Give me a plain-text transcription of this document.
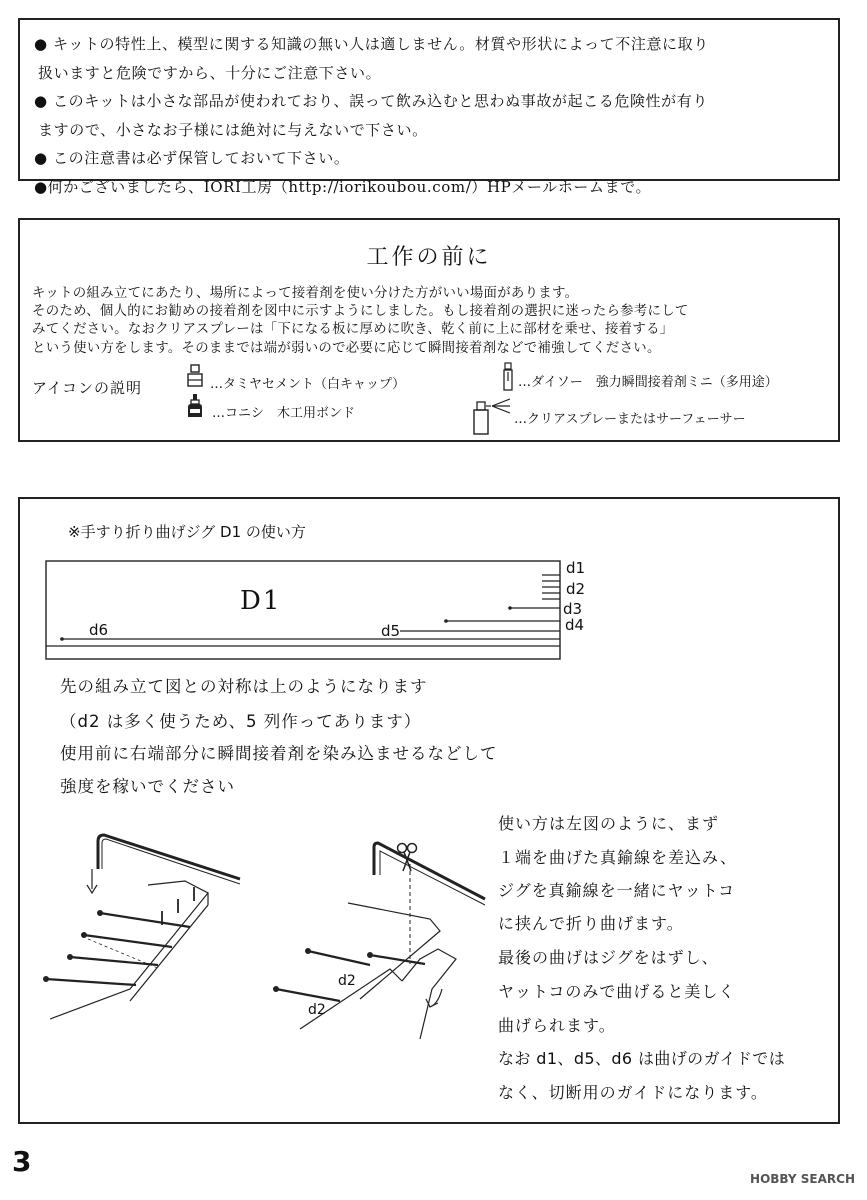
● キットの特性上、模型に関する知識の無い人は適しません。材質や形状によって不注意に取り
扱いますと危険ですから、十分にご注意下さい。
● このキットは小さな部品が使われており、誤って飲み込むと思わぬ事故が起こる危険性が有り
ますので、小さなお子様には絶対に与えないで下さい。
● この注意書は必ず保管しておいて下さい。
●何かございましたら、IORI工房（http://iorikoubou.com/）HPメールホームまで。
工作の前に
キットの組み立てにあたり、場所によって接着剤を使い分けた方がいい場面があります。
そのため、個人的にお勧めの接着剤を図中に示すようにしました。もし接着剤の選択に迷ったら参考にして
みてください。なおクリアスプレーは「下になる板に厚めに吹き、乾く前に上に部材を乗せ、接着する」
という使い方をします。そのままでは端が弱いので必要に応じて瞬間接着剤などで補強してください。
アイコンの説明	…タミヤセメント（白キャップ）
…コニシ　木工用ボンド
…ダイソー　強力瞬間接着剤ミニ（多用途）
…クリアスプレーまたはサーフェーサー
※手すり折り曲げジグ D1 の使い方
D1
d1
d2
d3
d4
d5
d6
先の組み立て図との対称は上のようになります
（d2 は多く使うため、5 列作ってあります）
使用前に右端部分に瞬間接着剤を染み込ませるなどして
強度を稼いでください
d2
d2
使い方は左図のように、まず
１端を曲げた真鍮線を差込み、
ジグを真鍮線を一緒にヤットコ
に挟んで折り曲げます。
最後の曲げはジグをはずし、
ヤットコのみで曲げると美しく
曲げられます。
なお d1、d5、d6 は曲げのガイドでは
なく、切断用のガイドになります。
3
HOBBY SEARCH
